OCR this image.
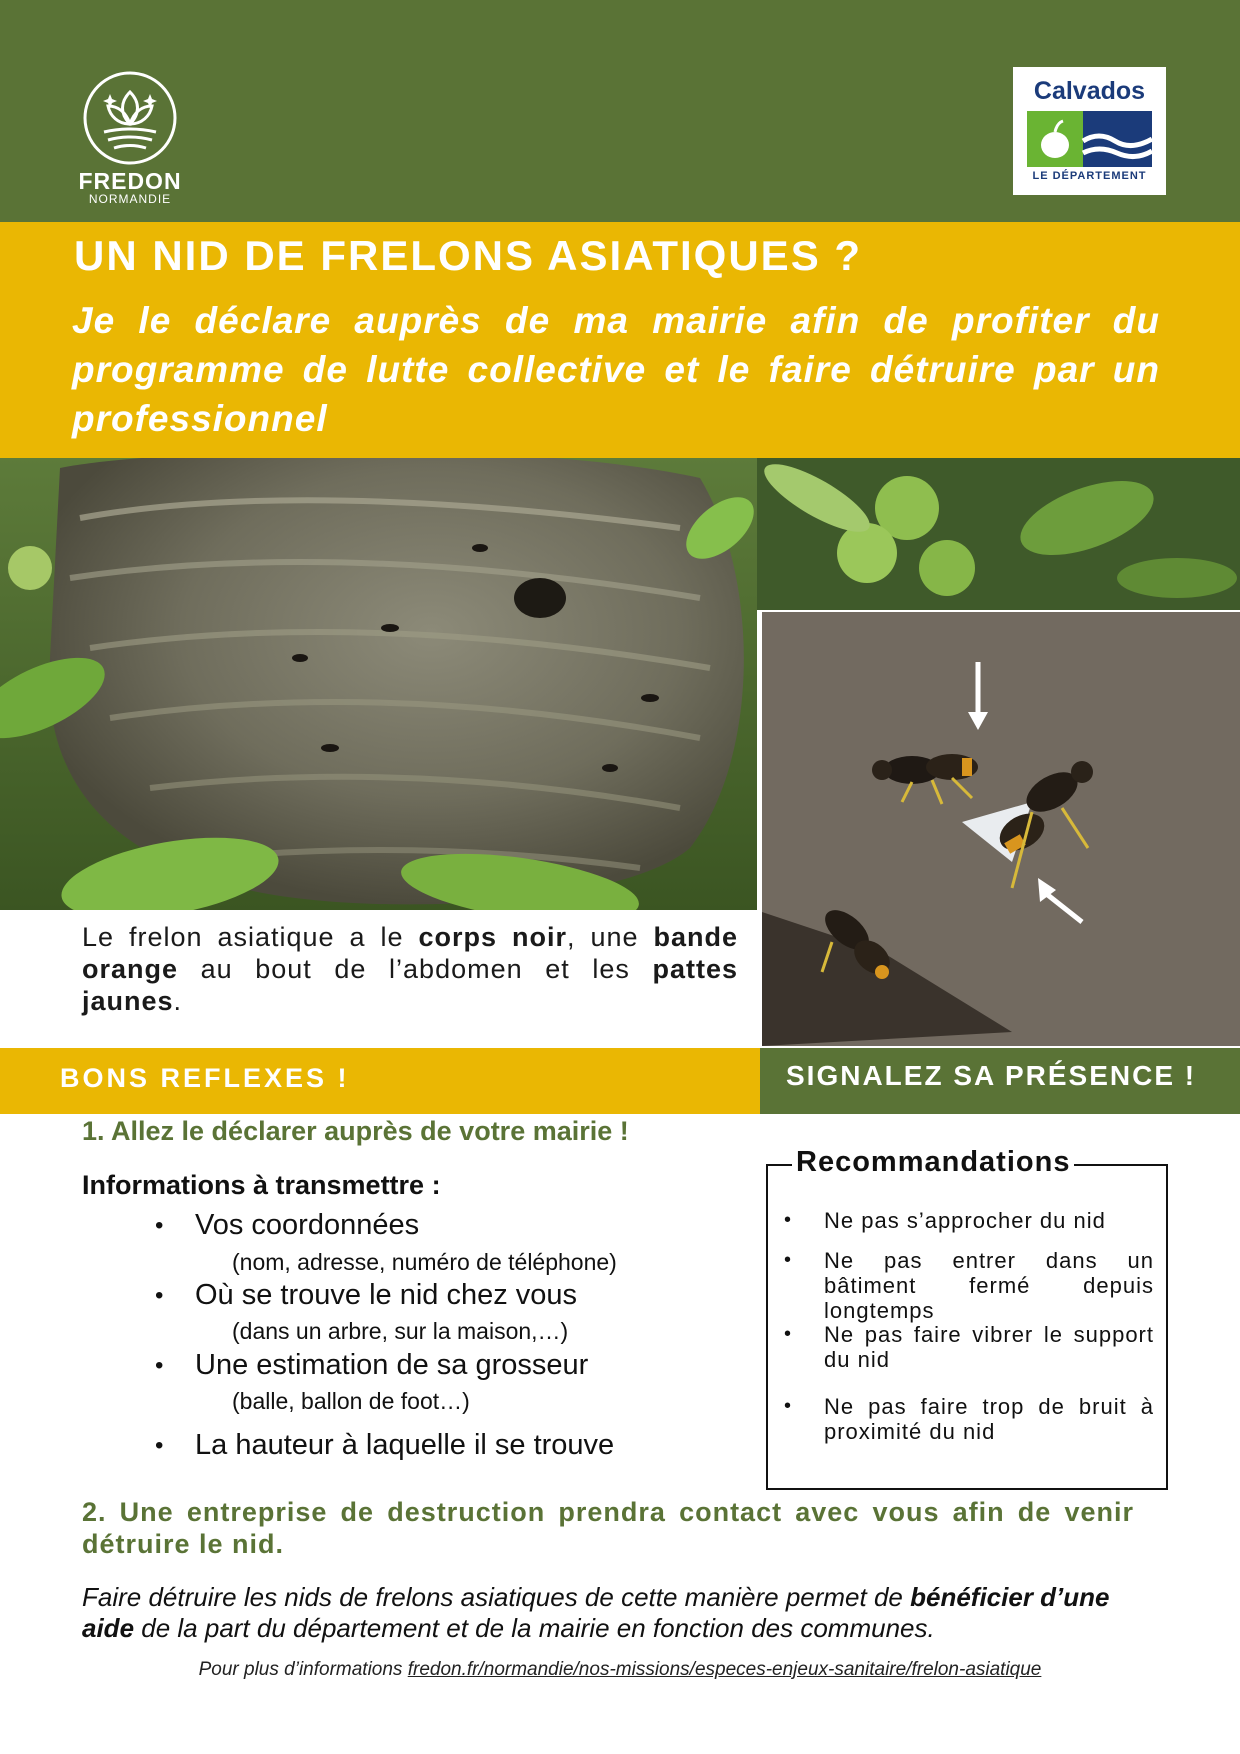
FREDON
NORMANDIE
Calvados
LE DÉPARTEMENT
UN NID DE FRELONS ASIATIQUES ?
Je le déclare auprès de ma mairie afin de profiter du programme de lutte collective et le faire détruire par un professionnel
Le frelon asiatique a le corps noir, une bande orange au bout de l’abdomen et les pattes jaunes.
BONS REFLEXES !	SIGNALEZ SA PRÉSENCE !
1. Allez le déclarer auprès de votre mairie !
Informations à transmettre :
Vos coordonnées
(nom, adresse, numéro de téléphone)
Où se trouve le nid chez vous
(dans un arbre, sur la maison,…)
Une estimation de sa grosseur
(balle, ballon de foot…)
La hauteur à laquelle il se trouve
Recommandations
• Ne pas s’approcher du nid
• Ne pas entrer dans un bâtiment fermé depuis longtemps
• Ne pas faire vibrer le support du nid
• Ne pas faire trop de bruit à proximité du nid
2. Une entreprise de destruction prendra contact avec vous afin de venir détruire le nid.
Faire détruire les nids de frelons asiatiques de cette manière permet de bénéficier d’une aide de la part du département et de la mairie en fonction des communes.
Pour plus d’informations fredon.fr/normandie/nos-missions/especes-enjeux-sanitaire/frelon-asiatique
